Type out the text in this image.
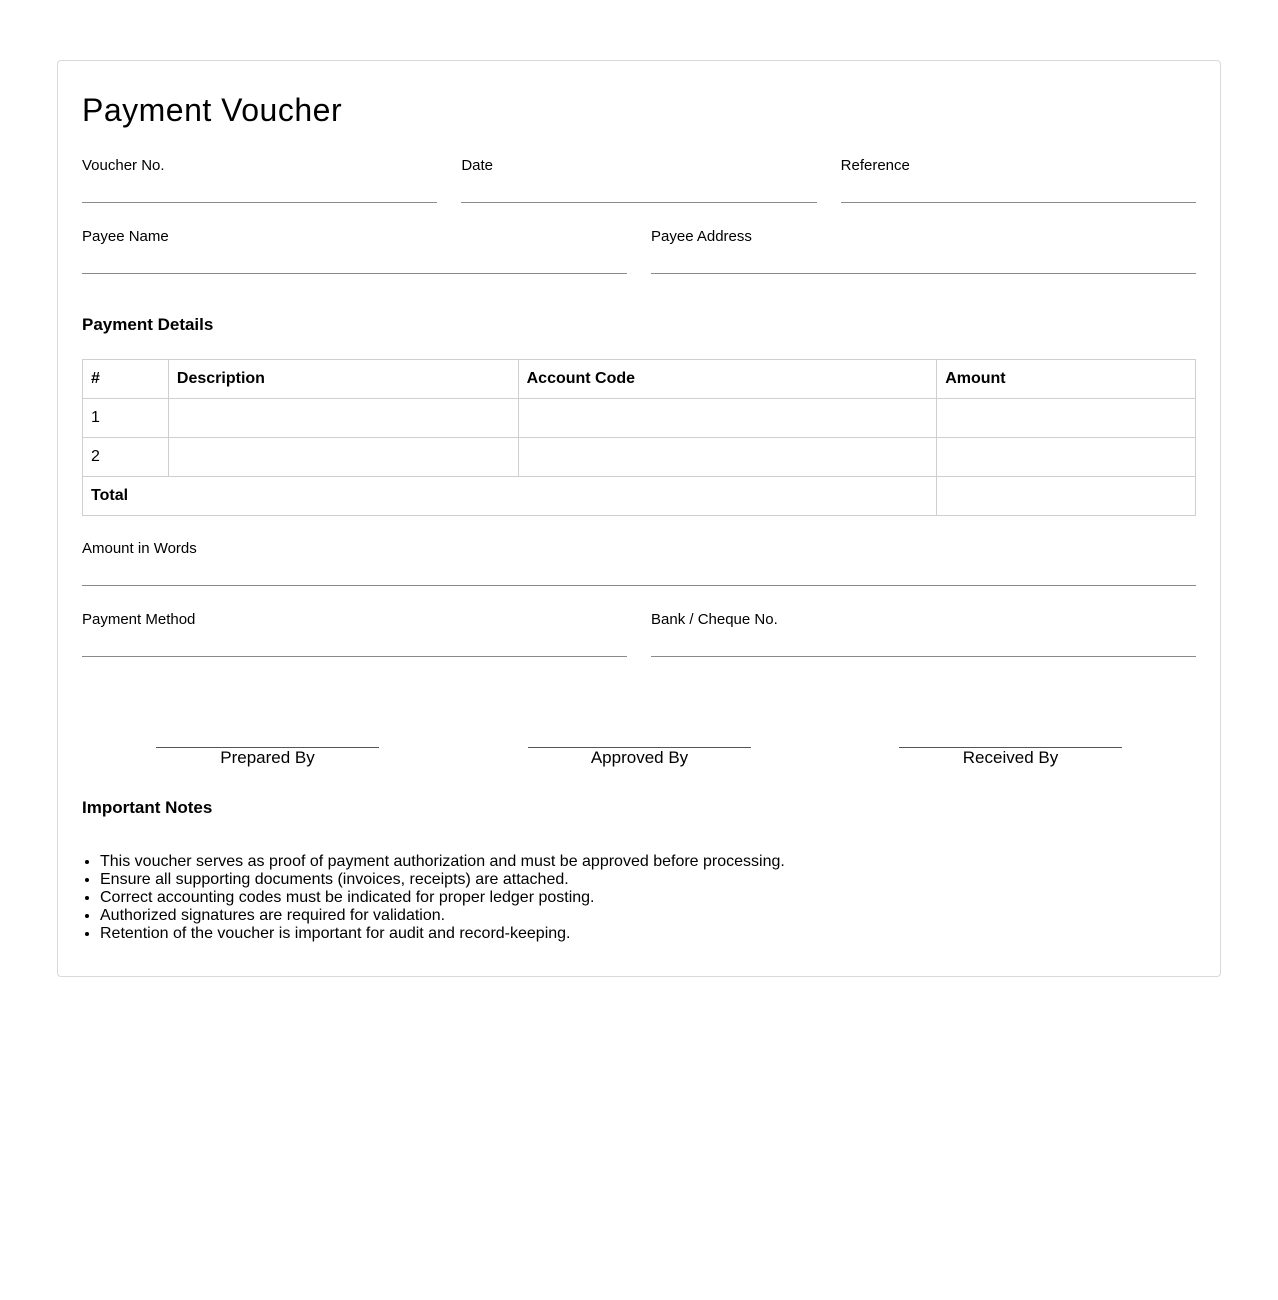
Payment Voucher
Voucher No.	Date	Reference
Payee Name	Payee Address
Payment Details
#	Description	Account Code	Amount
1			
2			
Total			
Amount in Words
Payment Method	Bank / Cheque No.
Prepared By	Approved By	Received By
Important Notes
• This voucher serves as proof of payment authorization and must be approved before processing.
• Ensure all supporting documents (invoices, receipts) are attached.
• Correct accounting codes must be indicated for proper ledger posting.
• Authorized signatures are required for validation.
• Retention of the voucher is important for audit and record-keeping.
